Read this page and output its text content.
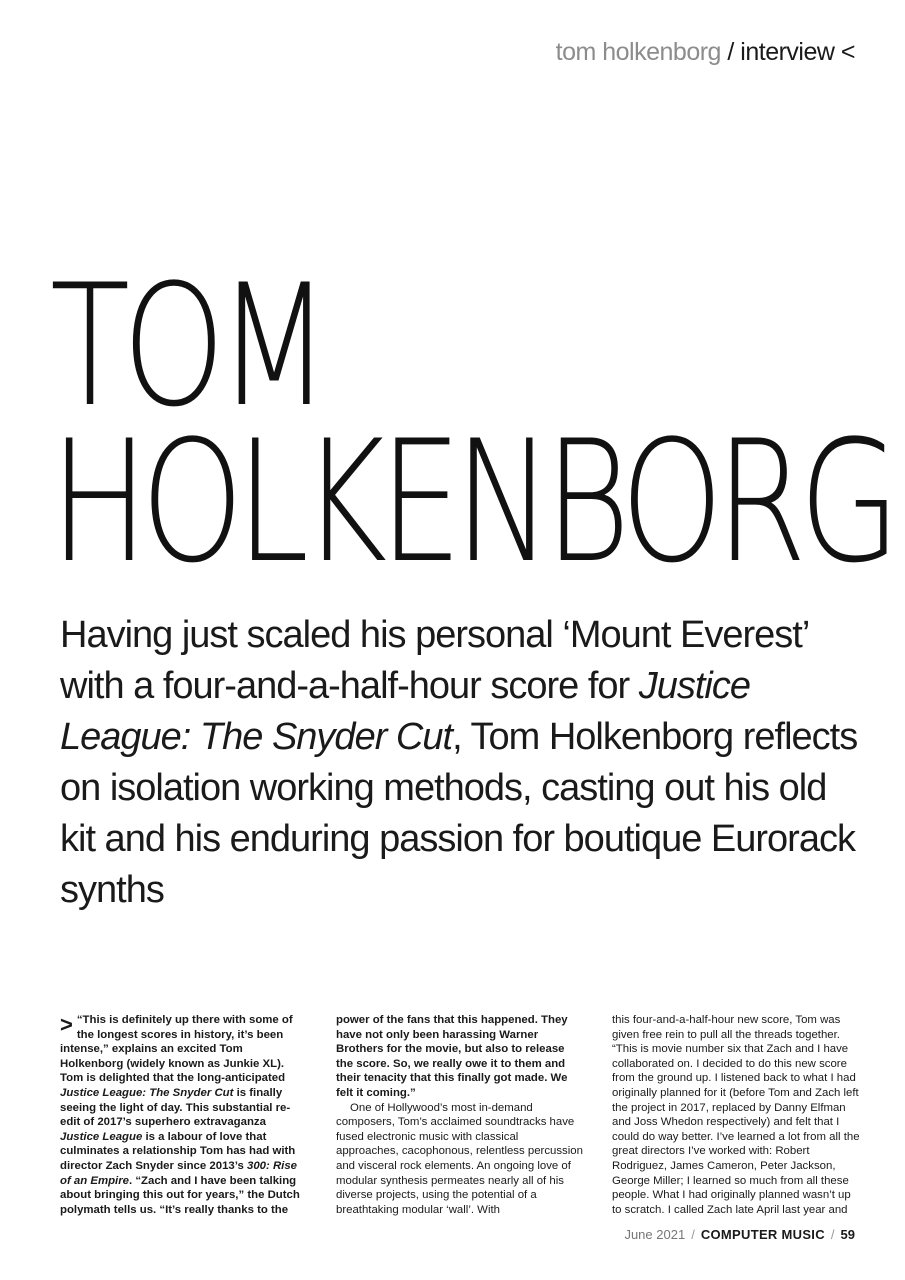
tom holkenborg / interview <
TOM
HOLKENBORG

Having just scaled his personal ‘Mount Everest’ with a four-and-a-half-hour score for Justice League: The Snyder Cut, Tom Holkenborg reflects on isolation working methods, casting out his old kit and his enduring passion for boutique Eurorack synths

> “This is definitely up there with some of the longest scores in history, it’s been intense,” explains an excited Tom Holkenborg (widely known as Junkie XL). Tom is delighted that the long-anticipated Justice League: The Snyder Cut is finally seeing the light of day. This substantial re-edit of 2017’s superhero extravaganza Justice League is a labour of love that culminates a relationship Tom has had with director Zach Snyder since 2013’s 300: Rise of an Empire. “Zach and I have been talking about bringing this out for years,” the Dutch polymath tells us. “It’s really thanks to the

power of the fans that this happened. They have not only been harassing Warner Brothers for the movie, but also to release the score. So, we really owe it to them and their tenacity that this finally got made. We felt it coming.”

One of Hollywood’s most in-demand composers, Tom’s acclaimed soundtracks have fused electronic music with classical approaches, cacophonous, relentless percussion and visceral rock elements. An ongoing love of modular synthesis permeates nearly all of his diverse projects, using the potential of a breathtaking modular ‘wall’. With

this four-and-a-half-hour new score, Tom was given free rein to pull all the threads together. “This is movie number six that Zach and I have collaborated on. I decided to do this new score from the ground up. I listened back to what I had originally planned for it (before Tom and Zach left the project in 2017, replaced by Danny Elfman and Joss Whedon respectively) and felt that I could do way better. I’ve learned a lot from all the great directors I’ve worked with: Robert Rodriguez, James Cameron, Peter Jackson, George Miller; I learned so much from all these people. What I had originally planned wasn’t up to scratch. I called Zach late April last year and

June 2021 / COMPUTER MUSIC / 59
